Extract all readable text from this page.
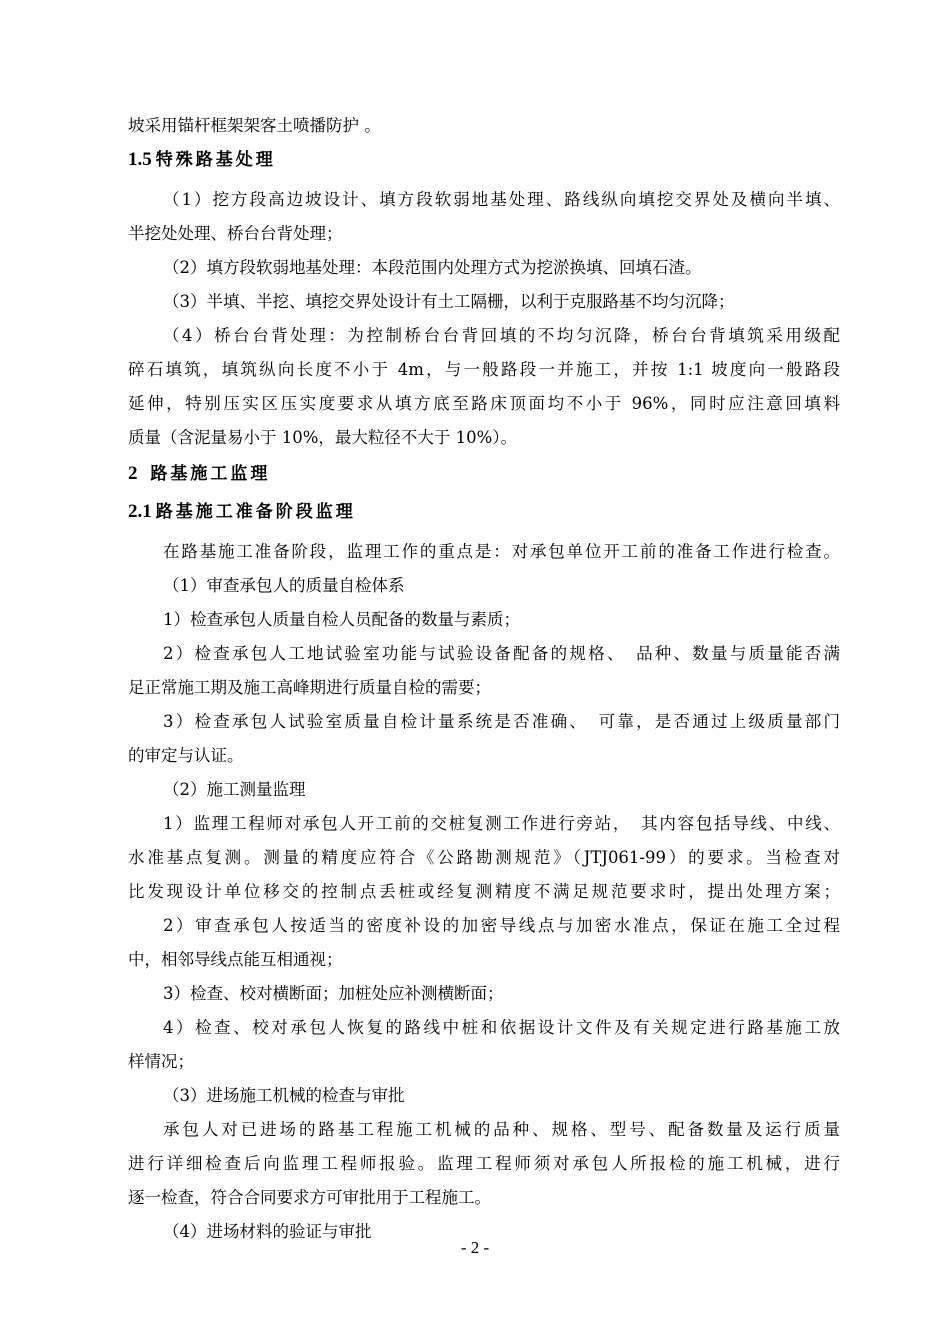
坡采用锚杆框架架客土喷播防护 。
1.5 特殊路基处理
（1）挖方段高边坡设计、填方段软弱地基处理、路线纵向填挖交界处及横向半填、
半挖处处理、桥台台背处理；
（2）填方段软弱地基处理：本段范围内处理方式为挖淤换填、回填石渣。
（3）半填、半挖、填挖交界处设计有土工隔栅，以利于克服路基不均匀沉降；
（4）桥台台背处理：为控制桥台台背回填的不均匀沉降，桥台台背填筑采用级配
碎石填筑，填筑纵向长度不小于 4m，与一般路段一并施工，并按 1:1 坡度向一般路段
延伸，特别压实区压实度要求从填方底至路床顶面均不小于 96%，同时应注意回填料
质量（含泥量易小于 10%，最大粒径不大于 10%）。
2 路基施工监理
2.1 路基施工准备阶段监理
在路基施工准备阶段，监理工作的重点是：对承包单位开工前的准备工作进行检查。
（1）审查承包人的质量自检体系
1）检查承包人质量自检人员配备的数量与素质；
2）检查承包人工地试验室功能与试验设备配备的规格、　品种、数量与质量能否满
足正常施工期及施工高峰期进行质量自检的需要；
3）检查承包人试验室质量自检计量系统是否准确、　可靠，是否通过上级质量部门
的审定与认证。
（2）施工测量监理
1）监理工程师对承包人开工前的交桩复测工作进行旁站，　其内容包括导线、中线、
水准基点复测。测量的精度应符合《公路勘测规范》（JTJ061-99）的要求。当检查对
比发现设计单位移交的控制点丢桩或经复测精度不满足规范要求时，提出处理方案；
2）审查承包人按适当的密度补设的加密导线点与加密水准点，保证在施工全过程
中，相邻导线点能互相通视；
3）检查、校对横断面；加桩处应补测横断面；
4）检查、校对承包人恢复的路线中桩和依据设计文件及有关规定进行路基施工放
样情况；
（3）进场施工机械的检查与审批
承包人对已进场的路基工程施工机械的品种、规格、型号、配备数量及运行质量
进行详细检查后向监理工程师报验。监理工程师须对承包人所报检的施工机械，进行
逐一检查，符合合同要求方可审批用于工程施工。
（4）进场材料的验证与审批
- 2 -
